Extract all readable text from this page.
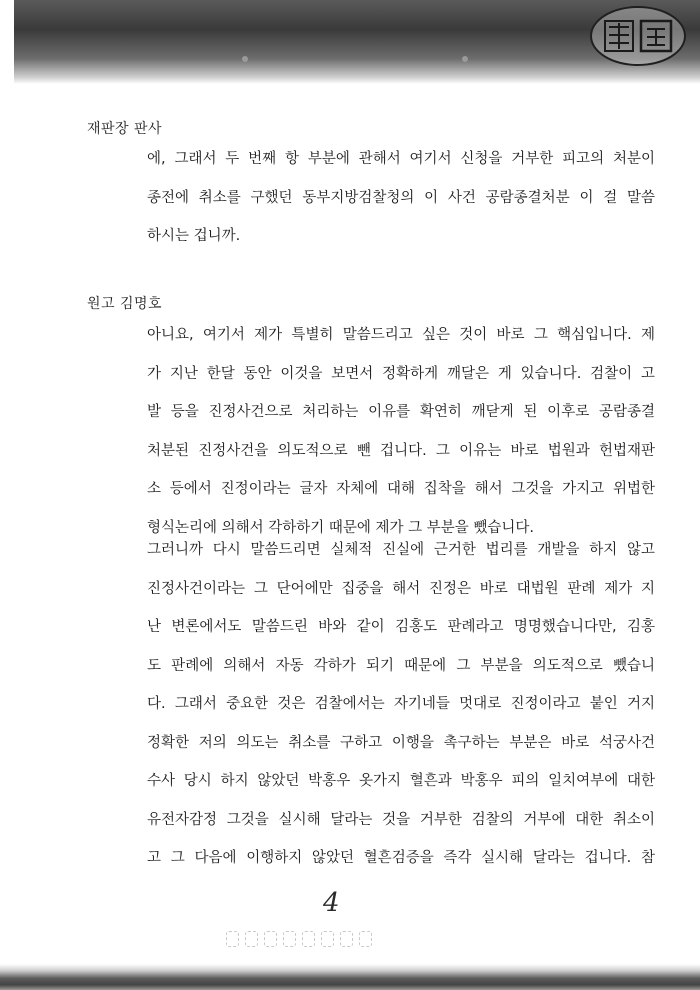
재판장 판사
에, 그래서 두 번째 항 부분에 관해서 여기서 신청을 거부한 피고의 처분이
종전에 취소를 구했던 동부지방검찰청의 이 사건 공람종결처분 이 걸 말씀
하시는 겁니까.
원고 김명호
아니요, 여기서 제가 특별히 말씀드리고 싶은 것이 바로 그 핵심입니다. 제
가 지난 한달 동안 이것을 보면서 정확하게 깨달은 게 있습니다. 검찰이 고
발 등을 진정사건으로 처리하는 이유를 확연히 깨닫게 된 이후로 공람종결
처분된 진정사건을 의도적으로 뺀 겁니다. 그 이유는 바로 법원과 헌법재판
소 등에서 진정이라는 글자 자체에 대해 집착을 해서 그것을 가지고 위법한
형식논리에 의해서 각하하기 때문에 제가 그 부분을 뺐습니다.
그러니까 다시 말씀드리면 실체적 진실에 근거한 법리를 개발을 하지 않고
진정사건이라는 그 단어에만 집중을 해서 진정은 바로 대법원 판례 제가 지
난 변론에서도 말씀드린 바와 같이 김홍도 판례라고 명명했습니다만, 김홍
도 판례에 의해서 자동 각하가 되기 때문에 그 부분을 의도적으로 뺐습니
다. 그래서 중요한 것은 검찰에서는 자기네들 멋대로 진정이라고 붙인 거지
정확한 저의 의도는 취소를 구하고 이행을 촉구하는 부분은 바로 석궁사건
수사 당시 하지 않았던 박홍우 옷가지 혈흔과 박홍우 피의 일치여부에 대한
유전자감정 그것을 실시해 달라는 것을 거부한 검찰의 거부에 대한 취소이
고 그 다음에 이행하지 않았던 혈흔검증을 즉각 실시해 달라는 겁니다. 참
4
